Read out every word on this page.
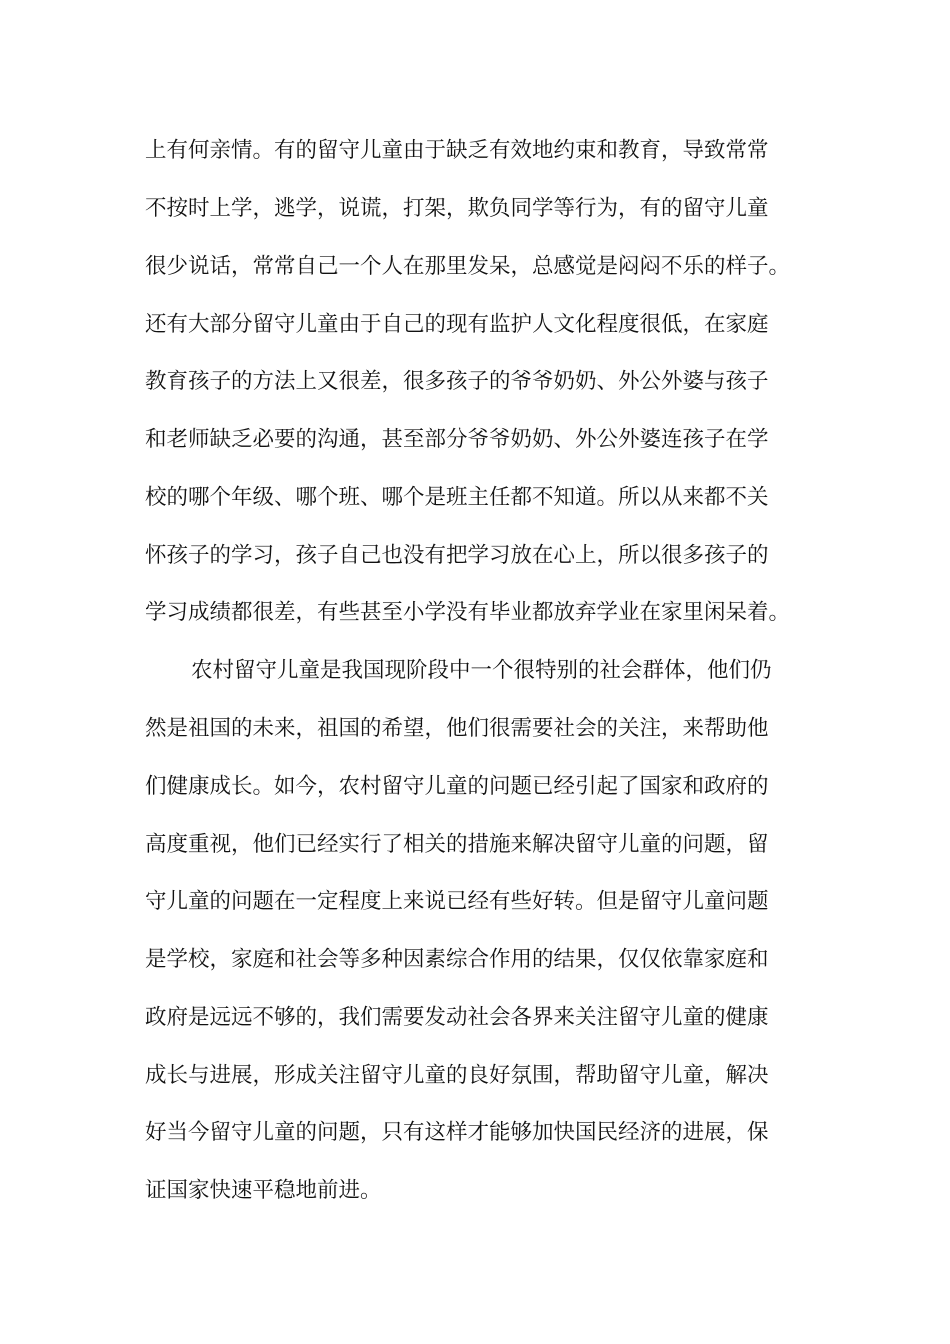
上有何亲情。有的留守儿童由于缺乏有效地约束和教育，导致常常
不按时上学，逃学，说谎，打架，欺负同学等行为，有的留守儿童
很少说话，常常自己一个人在那里发呆，总感觉是闷闷不乐的样子。
还有大部分留守儿童由于自己的现有监护人文化程度很低，在家庭
教育孩子的方法上又很差，很多孩子的爷爷奶奶、外公外婆与孩子
和老师缺乏必要的沟通，甚至部分爷爷奶奶、外公外婆连孩子在学
校的哪个年级、哪个班、哪个是班主任都不知道。所以从来都不关
怀孩子的学习，孩子自己也没有把学习放在心上，所以很多孩子的
学习成绩都很差，有些甚至小学没有毕业都放弃学业在家里闲呆着。
农村留守儿童是我国现阶段中一个很特别的社会群体，他们仍
然是祖国的未来，祖国的希望，他们很需要社会的关注，来帮助他
们健康成长。如今，农村留守儿童的问题已经引起了国家和政府的
高度重视，他们已经实行了相关的措施来解决留守儿童的问题，留
守儿童的问题在一定程度上来说已经有些好转。但是留守儿童问题
是学校，家庭和社会等多种因素综合作用的结果，仅仅依靠家庭和
政府是远远不够的，我们需要发动社会各界来关注留守儿童的健康
成长与进展，形成关注留守儿童的良好氛围，帮助留守儿童，解决
好当今留守儿童的问题，只有这样才能够加快国民经济的进展，保
证国家快速平稳地前进。
